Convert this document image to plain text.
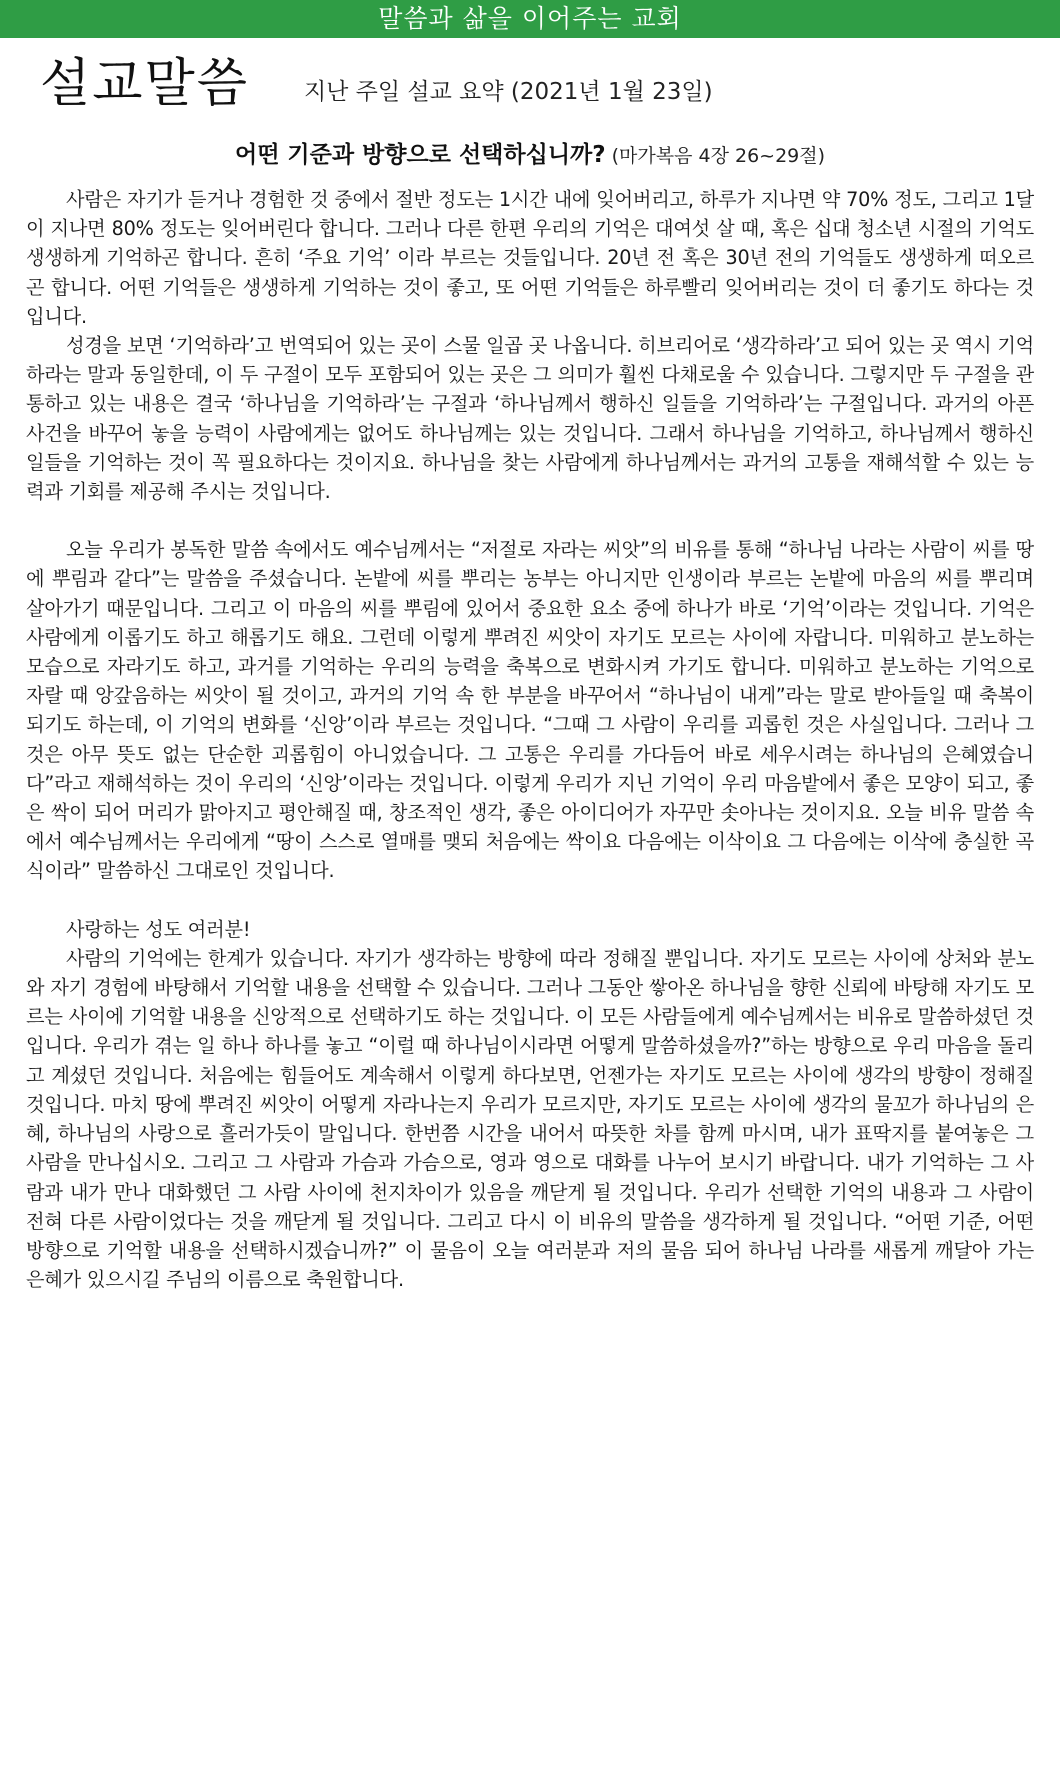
말씀과 삶을 이어주는 교회
설교말씀 지난 주일 설교 요약 (2021년 1월 23일)
어떤 기준과 방향으로 선택하십니까? (마가복음 4장 26~29절)

사람은 자기가 듣거나 경험한 것 중에서 절반 정도는 1시간 내에 잊어버리고, 하루가 지나면 약 70% 정도, 그리고 1달이 지나면 80% 정도는 잊어버린다 합니다. 그러나 다른 한편 우리의 기억은 대여섯 살 때, 혹은 십대 청소년 시절의 기억도 생생하게 기억하곤 합니다. 흔히 ‘주요 기억’ 이라 부르는 것들입니다. 20년 전 혹은 30년 전의 기억들도 생생하게 떠오르곤 합니다. 어떤 기억들은 생생하게 기억하는 것이 좋고, 또 어떤 기억들은 하루빨리 잊어버리는 것이 더 좋기도 하다는 것입니다.

성경을 보면 ‘기억하라’고 번역되어 있는 곳이 스물 일곱 곳 나옵니다. 히브리어로 ‘생각하라’고 되어 있는 곳 역시 기억하라는 말과 동일한데, 이 두 구절이 모두 포함되어 있는 곳은 그 의미가 훨씬 다채로울 수 있습니다. 그렇지만 두 구절을 관통하고 있는 내용은 결국 ‘하나님을 기억하라’는 구절과 ‘하나님께서 행하신 일들을 기억하라’는 구절입니다. 과거의 아픈 사건을 바꾸어 놓을 능력이 사람에게는 없어도 하나님께는 있는 것입니다. 그래서 하나님을 기억하고, 하나님께서 행하신 일들을 기억하는 것이 꼭 필요하다는 것이지요. 하나님을 찾는 사람에게 하나님께서는 과거의 고통을 재해석할 수 있는 능력과 기회를 제공해 주시는 것입니다.

오늘 우리가 봉독한 말씀 속에서도 예수님께서는 “저절로 자라는 씨앗”의 비유를 통해 “하나님 나라는 사람이 씨를 땅에 뿌림과 같다”는 말씀을 주셨습니다. 논밭에 씨를 뿌리는 농부는 아니지만 인생이라 부르는 논밭에 마음의 씨를 뿌리며 살아가기 때문입니다. 그리고 이 마음의 씨를 뿌림에 있어서 중요한 요소 중에 하나가 바로 ‘기억’이라는 것입니다. 기억은 사람에게 이롭기도 하고 해롭기도 해요. 그런데 이렇게 뿌려진 씨앗이 자기도 모르는 사이에 자랍니다. 미워하고 분노하는 모습으로 자라기도 하고, 과거를 기억하는 우리의 능력을 축복으로 변화시켜 가기도 합니다. 미워하고 분노하는 기억으로 자랄 때 앙갚음하는 씨앗이 될 것이고, 과거의 기억 속 한 부분을 바꾸어서 “하나님이 내게”라는 말로 받아들일 때 축복이 되기도 하는데, 이 기억의 변화를 ‘신앙’이라 부르는 것입니다. “그때 그 사람이 우리를 괴롭힌 것은 사실입니다. 그러나 그것은 아무 뜻도 없는 단순한 괴롭힘이 아니었습니다. 그 고통은 우리를 가다듬어 바로 세우시려는 하나님의 은혜였습니다”라고 재해석하는 것이 우리의 ‘신앙’이라는 것입니다. 이렇게 우리가 지닌 기억이 우리 마음밭에서 좋은 모양이 되고, 좋은 싹이 되어 머리가 맑아지고 평안해질 때, 창조적인 생각, 좋은 아이디어가 자꾸만 솟아나는 것이지요. 오늘 비유 말씀 속에서 예수님께서는 우리에게 “땅이 스스로 열매를 맺되 처음에는 싹이요 다음에는 이삭이요 그 다음에는 이삭에 충실한 곡식이라” 말씀하신 그대로인 것입니다.

사랑하는 성도 여러분!

사람의 기억에는 한계가 있습니다. 자기가 생각하는 방향에 따라 정해질 뿐입니다. 자기도 모르는 사이에 상처와 분노와 자기 경험에 바탕해서 기억할 내용을 선택할 수 있습니다. 그러나 그동안 쌓아온 하나님을 향한 신뢰에 바탕해 자기도 모르는 사이에 기억할 내용을 신앙적으로 선택하기도 하는 것입니다. 이 모든 사람들에게 예수님께서는 비유로 말씀하셨던 것입니다. 우리가 겪는 일 하나 하나를 놓고 “이럴 때 하나님이시라면 어떻게 말씀하셨을까?”하는 방향으로 우리 마음을 돌리고 계셨던 것입니다. 처음에는 힘들어도 계속해서 이렇게 하다보면, 언젠가는 자기도 모르는 사이에 생각의 방향이 정해질 것입니다. 마치 땅에 뿌려진 씨앗이 어떻게 자라나는지 우리가 모르지만, 자기도 모르는 사이에 생각의 물꼬가 하나님의 은혜, 하나님의 사랑으로 흘러가듯이 말입니다. 한번쯤 시간을 내어서 따뜻한 차를 함께 마시며, 내가 표딱지를 붙여놓은 그 사람을 만나십시오. 그리고 그 사람과 가슴과 가슴으로, 영과 영으로 대화를 나누어 보시기 바랍니다. 내가 기억하는 그 사람과 내가 만나 대화했던 그 사람 사이에 천지차이가 있음을 깨닫게 될 것입니다. 우리가 선택한 기억의 내용과 그 사람이 전혀 다른 사람이었다는 것을 깨닫게 될 것입니다. 그리고 다시 이 비유의 말씀을 생각하게 될 것입니다. “어떤 기준, 어떤 방향으로 기억할 내용을 선택하시겠습니까?” 이 물음이 오늘 여러분과 저의 물음 되어 하나님 나라를 새롭게 깨달아 가는 은혜가 있으시길 주님의 이름으로 축원합니다.
